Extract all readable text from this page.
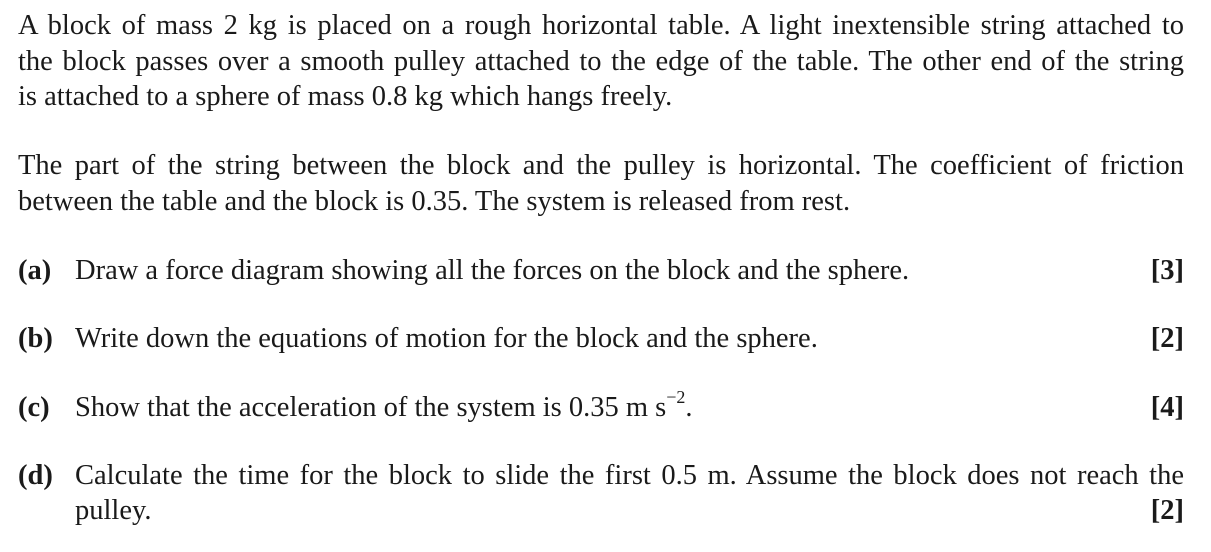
A block of mass 2 kg is placed on a rough horizontal table. A light inextensible string attached to
the block passes over a smooth pulley attached to the edge of the table. The other end of the string
is attached to a sphere of mass 0.8 kg which hangs freely.
The part of the string between the block and the pulley is horizontal. The coefficient of friction
between the table and the block is 0.35. The system is released from rest.
(a) Draw a force diagram showing all the forces on the block and the sphere.	[3]
(b) Write down the equations of motion for the block and the sphere.	[2]
(c) Show that the acceleration of the system is 0.35 m $s^{-2}$.	[4]
(d) Calculate the time for the block to slide the first 0.5 m. Assume the block does not reach the
pulley.	[2]
